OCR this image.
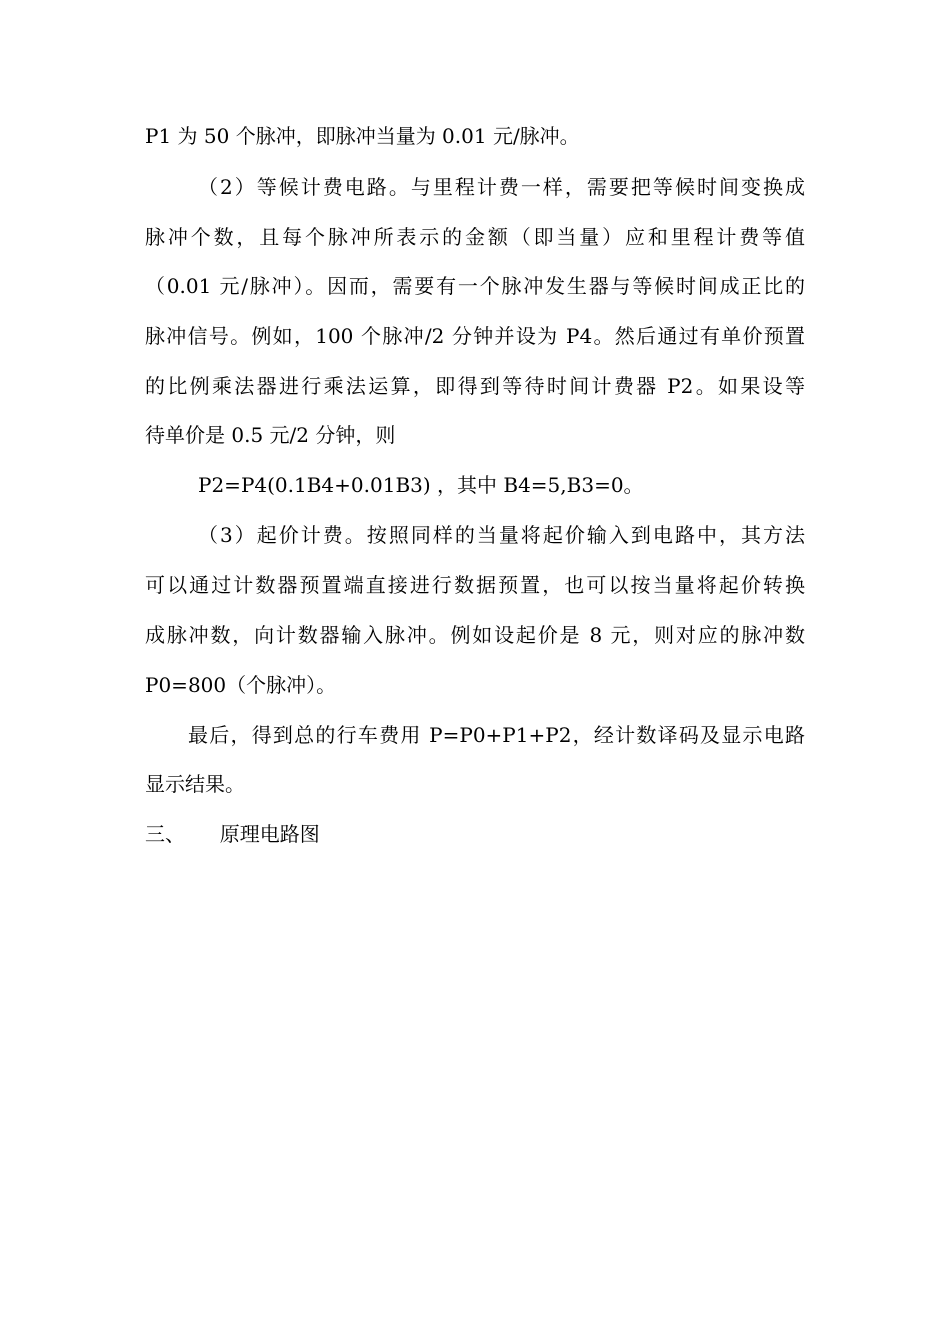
P1 为 50 个脉冲，即脉冲当量为 0.01 元/脉冲。
（2）等候计费电路。与里程计费一样，需要把等候时间变换成
脉冲个数，且每个脉冲所表示的金额（即当量）应和里程计费等值
（0.01 元/脉冲）。因而，需要有一个脉冲发生器与等候时间成正比的
脉冲信号。例如，100 个脉冲/2 分钟并设为 P4。然后通过有单价预置
的比例乘法器进行乘法运算，即得到等待时间计费器 P2。如果设等
待单价是 0.5 元/2 分钟，则
P2=P4(0.1B4+0.01B3) ，其中 B4=5,B3=0。
（3）起价计费。按照同样的当量将起价输入到电路中，其方法
可以通过计数器预置端直接进行数据预置，也可以按当量将起价转换
成脉冲数，向计数器输入脉冲。例如设起价是 8 元，则对应的脉冲数
P0=800（个脉冲）。
最后，得到总的行车费用 P=P0+P1+P2，经计数译码及显示电路
显示结果。
三、 原理电路图
